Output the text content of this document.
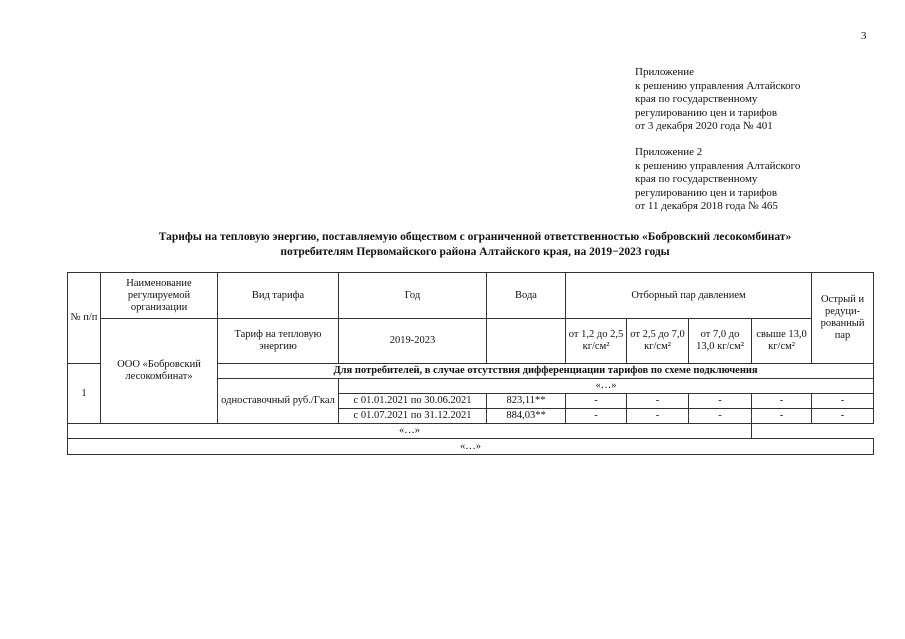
3
Приложение
к решению управления Алтайского
края по государственному
регулированию цен и тарифов
от 3 декабря 2020 года № 401
Приложение 2
к решению управления Алтайского
края по государственному
регулированию цен и тарифов
от 11 декабря 2018 года № 465
Тарифы на тепловую энергию, поставляемую обществом с ограниченной ответственностью «Бобровский лесокомбинат»
потребителям Первомайского района Алтайского края, на 2019−2023 годы
№ п/п	Наименование регулируемой организации	Вид тарифа	Год	Вода	Отборный пар давлением				Острый и редуци-рованный пар
	ООО «Бобровский лесокомбинат»	Тариф на тепловую энергию	2019-2023		от 1,2 до 2,5 кг/см²	от 2,5 до 7,0 кг/см²	от 7,0 до 13,0 кг/см²	свыше 13,0 кг/см²	
1		Для потребителей, в случае отсутствия дифференциации тарифов по схеме подключения							
		одноставочный руб./Гкал	«…»						
			с 01.01.2021 по 30.06.2021	823,11**	-	-	-	-	-
			с 01.07.2021 по 31.12.2021	884,03**	-	-	-	-	-
«…»									
«…»									
